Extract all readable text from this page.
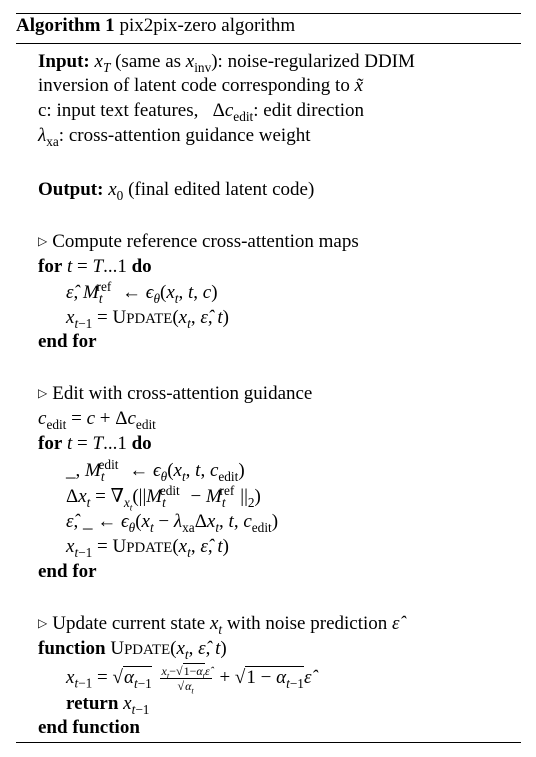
Algorithm 1 pix2pix-zero algorithm
Input: $x_T$ (same as $x_{inv}$): noise-regularized DDIM
inversion of latent code corresponding to x̃
c: input text features,   $\Delta c_{edit}$: edit direction
$\lambda_{xa}$: cross-attention guidance weight
Output: $x_0$ (final edited latent code)
▷ Compute reference cross-attention maps
for t = T...1 do
ε̂, $M_t^{ref}$ ← $\epsilon_\theta(x_t$, t, c)
$x_{t-1}$ = $UPDATE(x_t$, ε̂, t)
end for
▷ Edit with cross-attention guidance
$c_{edit} = c + \Delta c_{edit}$
for t = T...1 do
_, $M_t^{edit}$ ← $\epsilon_\theta(x_t$, t, $c_{edit}$)
$\Delta x_t = \nabla_{x_t}(||M_t^{edit} - M_t^{ref}$ $||_2$)
ε̂, _ ← $\epsilon_\theta(x_t - \lambda_{xa}\Delta x_t$, t, $c_{edit}$)
$x_{t-1}$ = $UPDATE(x_t$, ε̂, t)
end for
▷ Update current state $x_t$ with noise prediction ε̂
function $UPDATE(x_t$, ε̂, t)
$x_{t-1} = √\alpha_{t-1} \frac{x_t-√1-\alpha_t\varepsilon̂}{√\alpha_t} + √1$ − $\alpha_{t-1}\varepsilon̂$
return $x_{t-1}$
end function
